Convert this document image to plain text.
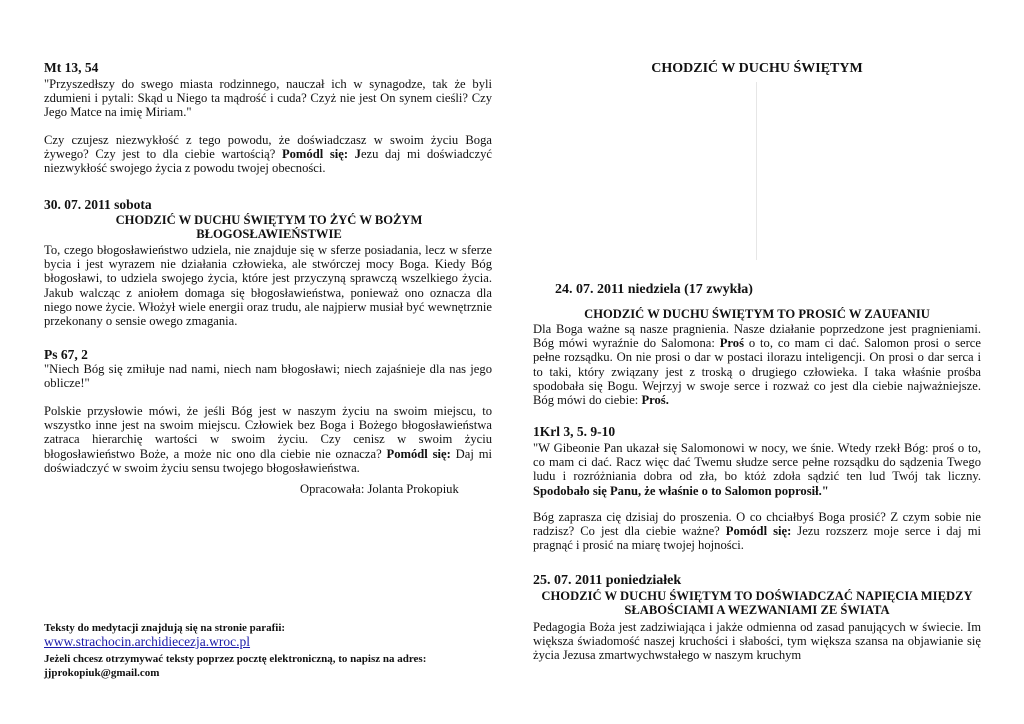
Mt 13, 54

"Przyszedłszy do swego miasta rodzinnego, nauczał ich w synagodze, tak że byli zdumieni i pytali: Skąd u Niego ta mądrość i cuda? Czyż nie jest On synem cieśli? Czy Jego Matce na imię Miriam."

Czy czujesz niezwykłość z tego powodu, że doświadczasz w swoim życiu Boga żywego? Czy jest to dla ciebie wartością? Pomódl się: Jezu daj mi doświadczyć niezwykłość swojego życia z powodu twojej obecności.

30. 07. 2011 sobota
CHODZIĆ W DUCHU ŚWIĘTYM TO ŻYĆ W BOŻYM BŁOGOSŁAWIEŃSTWIE

To, czego błogosławieństwo udziela, nie znajduje się w sferze posiadania, lecz w sferze bycia i jest wyrazem nie działania człowieka, ale stwórczej mocy Boga. Kiedy Bóg błogosławi, to udziela swojego życia, które jest przyczyną sprawczą wszelkiego życia. Jakub walcząc z aniołem domaga się błogosławieństwa, ponieważ ono oznacza dla niego nowe życie. Włożył wiele energii oraz trudu, ale najpierw musiał być wewnętrznie przekonany o sensie owego zmagania.

Ps 67, 2

"Niech Bóg się zmiłuje nad nami, niech nam błogosławi; niech zajaśnieje dla nas jego oblicze!"

Polskie przysłowie mówi, że jeśli Bóg jest w naszym życiu na swoim miejscu, to wszystko inne jest na swoim miejscu. Człowiek bez Boga i Bożego błogosławieństwa zatraca hierarchię wartości w swoim życiu. Czy cenisz w swoim życiu błogosławieństwo Boże, a może nic ono dla ciebie nie oznacza? Pomódl się: Daj mi doświadczyć w swoim życiu sensu twojego błogosławieństwa.

Opracowała: Jolanta Prokopiuk

Teksty do medytacji znajdują się na stronie parafii:
www.strachocin.archidiecezja.wroc.pl
Jeżeli chcesz otrzymywać teksty poprzez pocztę elektroniczną, to napisz na adres:
jjprokopiuk@gmail.com
CHODZIĆ W DUCHU ŚWIĘTYM
24. 07. 2011 niedziela (17 zwykła)
CHODZIĆ W DUCHU ŚWIĘTYM TO PROSIĆ W ZAUFANIU

Dla Boga ważne są nasze pragnienia. Nasze działanie poprzedzone jest pragnieniami. Bóg mówi wyraźnie do Salomona: Proś o to, co mam ci dać. Salomon prosi o serce pełne rozsądku. On nie prosi o dar w postaci ilorazu inteligencji. On prosi o dar serca i to taki, który związany jest z troską o drugiego człowieka. I taka właśnie prośba spodobała się Bogu. Wejrzyj w swoje serce i rozważ co jest dla ciebie najważniejsze. Bóg mówi do ciebie: Proś.

1Krl 3, 5. 9-10

"W Gibeonie Pan ukazał się Salomonowi w nocy, we śnie. Wtedy rzekł Bóg: proś o to, co mam ci dać. Racz więc dać Twemu słudze serce pełne rozsądku do sądzenia Twego ludu i rozróżniania dobra od zła, bo któż zdoła sądzić ten lud Twój tak liczny. Spodobało się Panu, że właśnie o to Salomon poprosił."

Bóg zaprasza cię dzisiaj do proszenia. O co chciałbyś Boga prosić? Z czym sobie nie radzisz? Co jest dla ciebie ważne? Pomódl się: Jezu rozszerz moje serce i daj mi pragnąć i prosić na miarę twojej hojności.

25. 07. 2011 poniedziałek
CHODZIĆ W DUCHU ŚWIĘTYM TO DOŚWIADCZAĆ NAPIĘCIA MIĘDZY SŁABOŚCIAMI A WEZWANIAMI ZE ŚWIATA

Pedagogia Boża jest zadziwiająca i jakże odmienna od zasad panujących w świecie. Im większa świadomość naszej kruchości i słabości, tym większa szansa na objawianie się życia Jezusa zmartwychwstałego w naszym kruchym
